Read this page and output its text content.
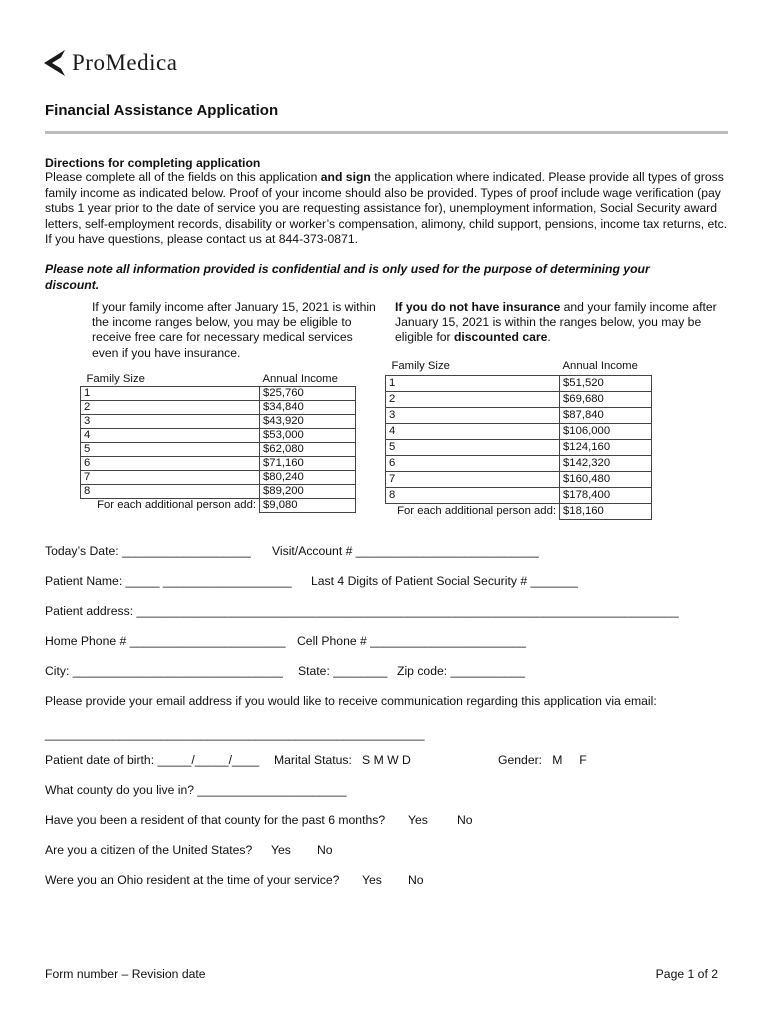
ProMedica
Financial Assistance Application
Directions for completing application
Please complete all of the fields on this application and sign the application where indicated. Please provide all types of gross family income as indicated below. Proof of your income should also be provided. Types of proof include wage verification (pay stubs 1 year prior to the date of service you are requesting assistance for), unemployment information, Social Security award letters, self-employment records, disability or worker’s compensation, alimony, child support, pensions, income tax returns, etc. If you have questions, please contact us at 844-373-0871.
Please note all information provided is confidential and is only used for the purpose of determining your discount.
If your family income after January 15, 2021 is within the income ranges below, you may be eligible to receive free care for necessary medical services even if you have insurance.
Family Size	Annual Income
1	$25,760
2	$34,840
3	$43,920
4	$53,000
5	$62,080
6	$71,160
7	$80,240
8	$89,200
For each additional person add:	$9,080
If you do not have insurance and your family income after January 15, 2021 is within the ranges below, you may be eligible for discounted care.
Family Size	Annual Income
1	$51,520
2	$69,680
3	$87,840
4	$106,000
5	$124,160
6	$142,320
7	$160,480
8	$178,400
For each additional person add:	$18,160
Today’s Date: ___________________ Visit/Account # ___________________________
Patient Name: _____ ___________________ Last 4 Digits of Patient Social Security # _______
Patient address: ________________________________________________________________________________
Home Phone # _______________________ Cell Phone # _______________________
City: _______________________________ State: ________ Zip code: ___________
Please provide your email address if you would like to receive communication regarding this application via email:
________________________________________________________
Patient date of birth: _____/_____/____ Marital Status:   S M W D	Gender:   M     F
What county do you live in? ______________________
Have you been a resident of that county for the past 6 months? Yes No
Are you a citizen of the United States? Yes No
Were you an Ohio resident at the time of your service? Yes No
Form number – Revision date	Page 1 of 2
